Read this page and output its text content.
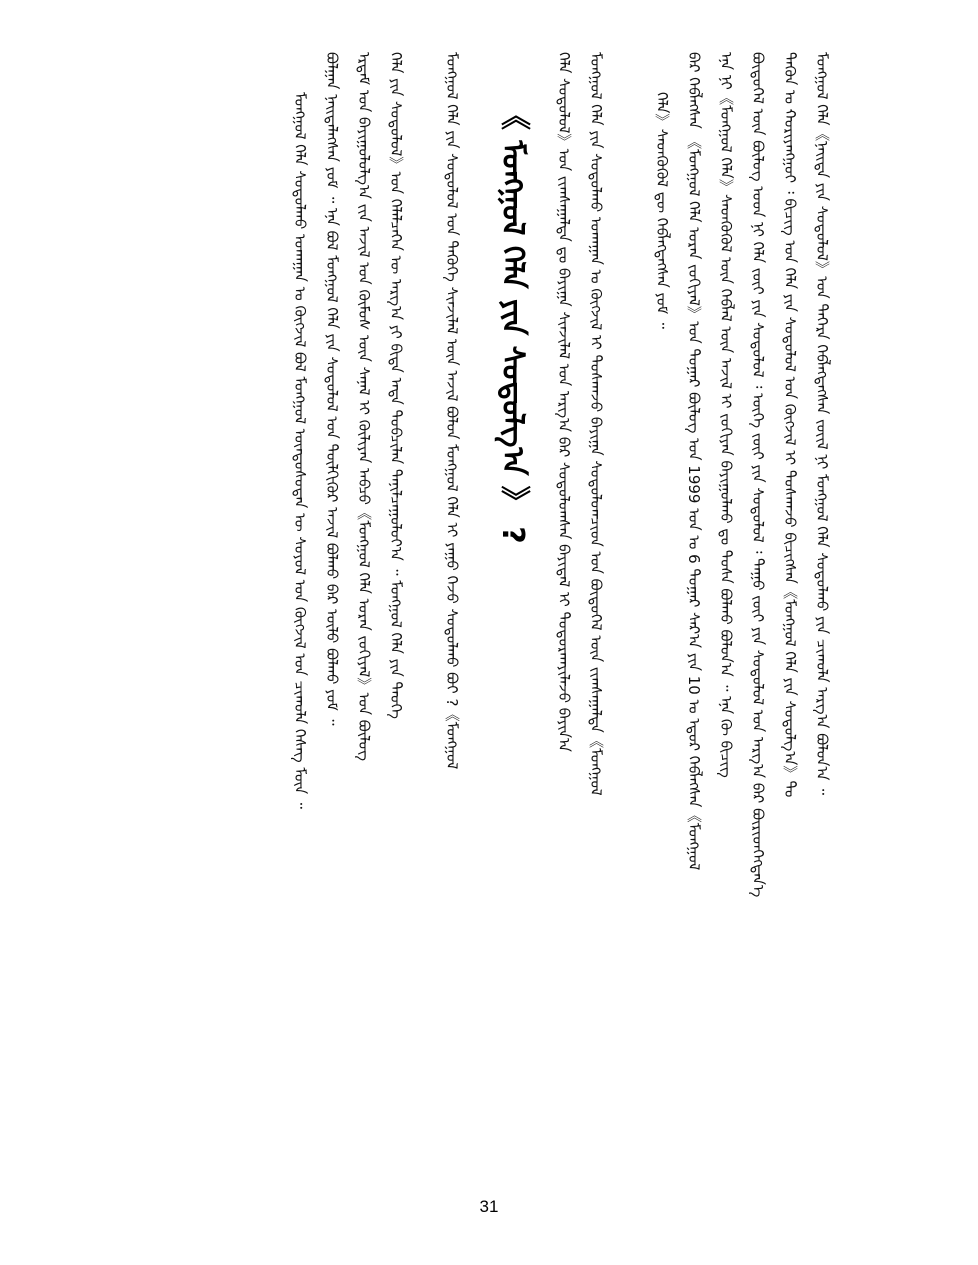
ᠮᠣᠩᠭᠣᠯ ᠬᠡᠯᠡ《ᠨᠡᠢᠲᠡ ᠶᠢᠨ ᠰᠤᠳᠤᠯᠤᠯ》ᠤᠨ ᠳᠡᠭᠡᠷᠡ ᠬᠡᠪᠯᠡᠭᠳᠡᠭᠰᠡᠨ ᠵᠦᠢᠯ ᠨᠢ ᠮᠣᠩᠭᠣᠯ ᠬᠡᠯᠡ ᠰᠤᠳᠤᠯᠬᠤ ᠶᠢᠨ ᠴᠢᠬᠤᠯᠠ ᠠᠷᠭ᠎ᠠ ᠪᠣᠯᠤᠨ᠎ᠠ ᠃
ᠲᠡᠭᠦᠨ ᠤ ᠬᠤᠷᠢᠶᠠᠩᠭᠤᠢ ᠄ ᠪᠢᠴᠢᠭ ᠤᠨ ᠬᠡᠯᠡ ᠶᠢᠨ ᠰᠤᠳᠤᠯᠤᠯ ᠤᠨ ᠬᠥᠭᠵᠢᠯ ᠢ ᠲᠤᠰᠬᠠᠵᠤ ᠪᠢᠴᠢᠭᠰᠡᠨ《ᠮᠣᠩᠭᠣᠯ ᠬᠡᠯᠡ ᠶᠢᠨ ᠰᠤᠳᠤᠯᠭ᠎ᠠ》ᠲᠤ
ᠪᠦᠲᠦᠭᠡᠯ ᠦᠨ ᠪᠦᠯᠦᠭ ᠤᠳ ᠨᠢ ᠬᠡᠯᠡ ᠵᠦᠢ ᠶᠢᠨ ᠰᠤᠳᠤᠯᠤᠯ ᠄ ᠦᠭᠡ ᠵᠦᠢ ᠶᠢᠨ ᠰᠤᠳᠤᠯᠤᠯ ᠄ ᠳᠠᠭᠤ ᠵᠦᠢ ᠶᠢᠨ ᠰᠤᠳᠤᠯᠤᠯ ᠤᠨ ᠠᠷᠭ᠎ᠠ ᠪᠠᠷ ᠪᠦᠷᠢᠳᠬᠡᠭᠳᠡᠨ᠎ᠡ
ᠡᠨᠡ ᠨᠢ《ᠮᠣᠩᠭᠣᠯ ᠬᠡᠯᠡ》ᠰᠡᠳᠬᠦᠭᠦᠯ ᠦᠨ ᠬᠡᠪᠯᠡᠯ ᠦᠨ ᠠᠵᠢᠯ ᠢ ᠵᠣᠬᠢᠶᠠᠨ ᠪᠠᠶᠢᠭᠤᠯᠬᠤ ᠳᠤ ᠲᠤᠰᠠ ᠪᠣᠯᠬᠤ ᠪᠣᠯᠤᠨ᠎ᠠ ᠃ ᠡᠨᠡ ᠬᠦ ᠪᠢᠴᠢᠭ
ᠪᠠᠷ ᠬᠡᠪᠯᠡᠭᠰᠡᠨ 《ᠮᠣᠩᠭᠣᠯ ᠬᠡᠯᠡ ᠤᠷᠠᠨ ᠵᠣᠬᠢᠶᠠᠯ》ᠤᠨ ᠳᠤᠭᠠᠷ ᠪᠦᠯᠦᠭ ᠤᠨ 1999 ᠣᠨ ᠤ 6 ᠳᠤᠭᠠᠷ ᠰᠠᠷ᠎ᠠ ᠶᠢᠨ 10 ᠤ ᠡᠳᠦᠷ ᠬᠡᠪᠯᠡᠭᠰᠡᠨ《ᠮᠣᠩᠭᠣᠯ
ᠬᠡᠯᠡ》ᠰᠡᠳᠬᠦᠭᠦᠯ ᠳᠦ ᠬᠡᠪᠯᠡᠭᠳᠡᠭᠰᠡᠨ ᠶᠤᠮ ᠃
ᠮᠣᠩᠭᠣᠯ ᠬᠡᠯᠡ ᠶᠢᠨ ᠰᠤᠳᠤᠯᠬᠤ ᠤᠬᠠᠭᠠᠨ ᠤ ᠬᠥᠭᠵᠢᠯ ᠢ ᠲᠤᠰᠬᠠᠵᠤ ᠪᠠᠶᠢᠭᠠ ᠰᠤᠳᠤᠯᠤᠭᠴᠢᠳ ᠤᠨ ᠪᠦᠲᠦᠭᠡᠯ ᠦᠨ ᠵᠢᠭᠰᠠᠭᠠᠯᠲᠠ《ᠮᠣᠩᠭᠣᠯ
ᠬᠡᠯᠡ ᠰᠤᠳᠤᠯᠤᠯ》ᠤᠨ ᠵᠢᠭᠰᠠᠭᠠᠯᠲᠠ ᠳᠤ ᠪᠠᠶᠢᠭᠠ ᠰᠢᠨᠵᠢᠯᠡᠯ ᠤᠨ ᠠᠷᠭ᠎ᠠ ᠪᠠᠷ ᠰᠤᠳᠤᠯᠤᠭᠰᠠᠨ ᠪᠠᠶᠢᠳᠠᠯ ᠢ ᠲᠣᠳᠣᠷᠬᠠᠶᠢᠯᠠᠵᠤ ᠪᠠᠶᠢᠨ᠎ᠠ
《 ᠮᠣᠩᠭᠣᠯ ᠬᠡᠯᠡ ᠶᠢᠨ ᠰᠤᠳᠤᠯᠭ᠎ᠠ 》 ?
ᠮᠣᠩᠭᠣᠯ ᠬᠡᠯᠡ ᠶᠢᠨ ᠰᠤᠳᠤᠯᠤᠯ ᠤᠨ ᠲᠡᠭᠦᠬᠡ ᠰᠢᠨᠵᠢᠯᠡᠯ ᠦᠨ ᠠᠵᠢᠯ ᠪᠣᠯᠤᠨ ᠮᠣᠩᠭᠣᠯ ᠬᠡᠯᠡ ᠢ ᠶᠠᠭᠤ ᠭᠡᠵᠦ ᠰᠤᠳᠤᠯᠬᠤ ᠪᠣᠢ ?《ᠮᠣᠩᠭᠣᠯ
ᠬᠡᠯᠡ ᠶᠢᠨ ᠰᠤᠳᠤᠯᠤᠯ》ᠤᠨ ᠬᠡᠯᠡᠯᠴᠡᠭᠡᠨ ᠦ ᠠᠷᠭ᠎ᠠ ᠶᠢ ᠪᠢᠳᠡ ᠡᠨᠳᠡ ᠲᠣᠪᠴᠢᠯᠠᠨ ᠲᠠᠨᠢᠯᠴᠠᠭᠤᠯᠤᠶ᠎ᠠ ᠃ ᠮᠣᠩᠭᠣᠯ ᠬᠡᠯᠡ ᠶᠢᠨ ᠲᠡᠦᠬᠡ
ᠡᠷᠳᠡᠮ ᠤᠨ ᠪᠠᠶᠢᠭᠤᠯᠤᠯᠭ᠎ᠠ ᠵᠢᠨ ᠠᠵᠢᠯ ᠤᠨ ᠬᠦᠮᠦᠰ ᠦᠨ ᠰᠠᠨᠠᠯ ᠢ ᠬᠦᠯᠢᠶᠡᠨ ᠠᠪᠴᠤ《ᠮᠣᠩᠭᠣᠯ ᠬᠡᠯᠡ ᠤᠷᠠᠨ ᠵᠣᠬᠢᠶᠠᠯ》ᠤᠨ ᠪᠦᠯᠦᠭ
ᠪᠣᠯᠭᠠᠨ ᠨᠡᠢᠲᠡᠯᠡᠭᠰᠡᠨ ᠶᠤᠮ ᠃ ᠡᠨᠡ ᠪᠣᠯ ᠮᠣᠩᠭᠣᠯ ᠬᠡᠯᠡ ᠶᠢᠨ ᠰᠤᠳᠤᠯᠤᠯ ᠤᠨ ᠲᠦᠯᠬᠢᠭᠦᠷ ᠠᠵᠢᠯ ᠪᠣᠯᠬᠤ ᠪᠠᠷ ᠦᠯᠦ ᠪᠣᠯᠬᠤ ᠶᠤᠮ ᠃
ᠮᠣᠩᠭᠣᠯ ᠬᠡᠯᠡ ᠰᠤᠳᠤᠯᠬᠤ ᠤᠬᠠᠭᠠᠨ ᠤ ᠬᠥᠭᠵᠢᠯ ᠪᠣᠯ ᠮᠣᠩᠭᠣᠯ ᠦᠨᠳᠦᠰᠦᠲᠡᠨ ᠦ ᠰᠣᠶᠣᠯ ᠤᠨ ᠬᠥᠭᠵᠢᠯ ᠤᠨ ᠴᠢᠬᠤᠯᠠ ᠬᠡᠰᠡᠭ ᠮᠥᠨ ᠃
31
